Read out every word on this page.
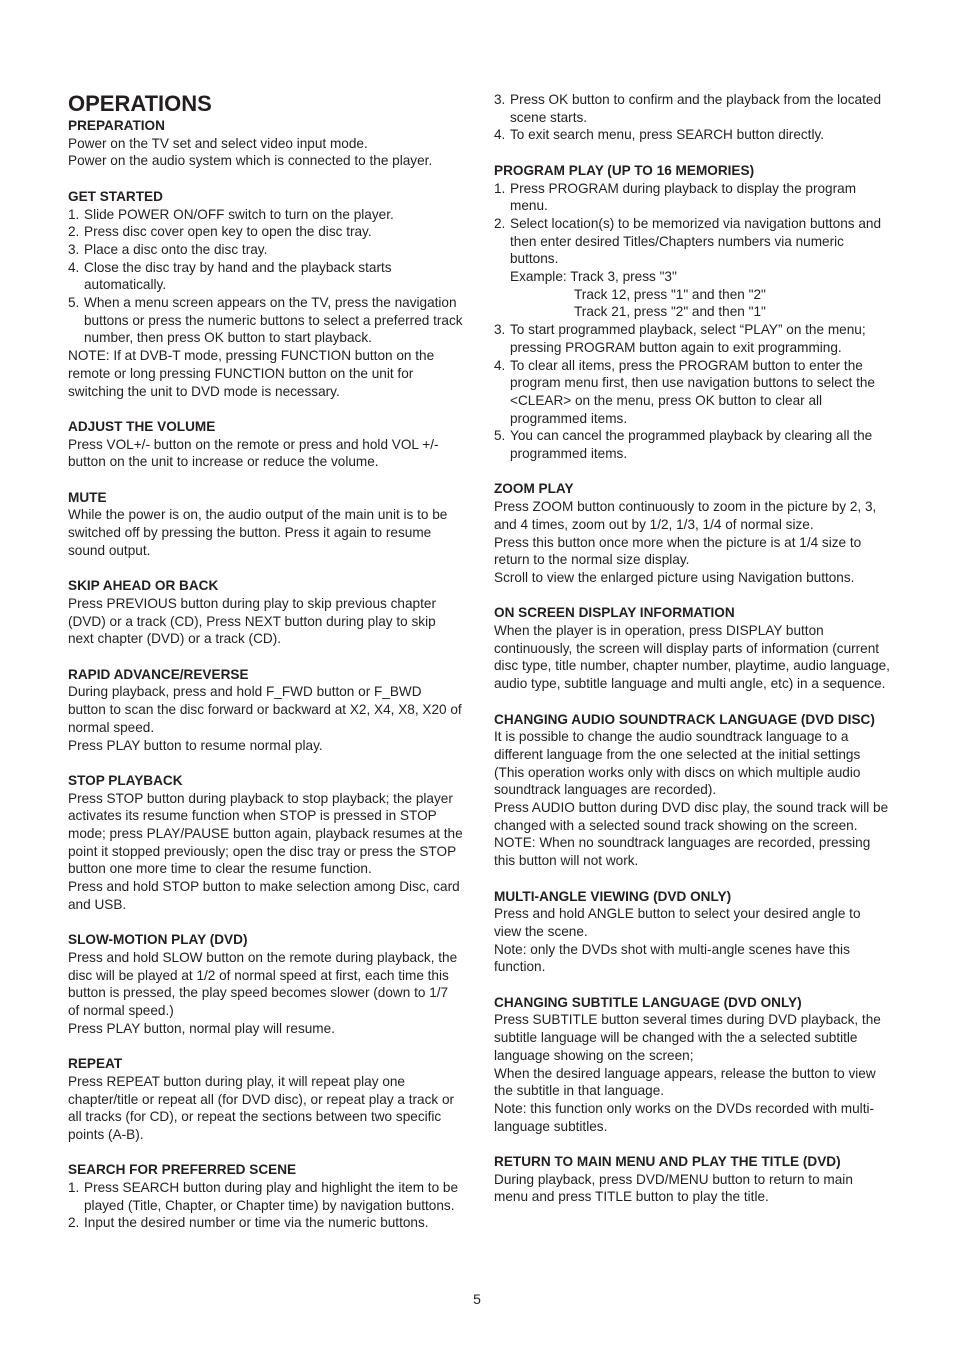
OPERATIONS
PREPARATION

Power on the TV set and select video input mode.

Power on the audio system which is connected to the player.

GET STARTED
1. Slide POWER ON/OFF switch to turn on the player.
2. Press disc cover open key to open the disc tray.
3. Place a disc onto the disc tray.
4. Close the disc tray by hand and the playback starts automatically.
5. When a menu screen appears on the TV, press the navigation buttons or press the numeric buttons to select a preferred track number, then press OK button to start playback.

NOTE: If at DVB-T mode, pressing FUNCTION button on the remote or long pressing FUNCTION button on the unit for switching the unit to DVD mode is necessary.

ADJUST THE VOLUME

Press VOL+/- button on the remote or press and hold VOL +/- button on the unit to increase or reduce the volume.

MUTE

While the power is on, the audio output of the main unit is to be switched off by pressing the button. Press it again to resume sound output.

SKIP AHEAD OR BACK

Press PREVIOUS button during play to skip previous chapter (DVD) or a track (CD), Press NEXT button during play to skip next chapter (DVD) or a track (CD).

RAPID ADVANCE/REVERSE

During playback, press and hold F_FWD button or F_BWD button to scan the disc forward or backward at X2, X4, X8, X20 of normal speed.

Press PLAY button to resume normal play.

STOP PLAYBACK

Press STOP button during playback to stop playback; the player activates its resume function when STOP is pressed in STOP mode; press PLAY/PAUSE button again, playback resumes at the point it stopped previously; open the disc tray or press the STOP button one more time to clear the resume function.

Press and hold STOP button to make selection among Disc, card and USB.

SLOW-MOTION PLAY (DVD)

Press and hold SLOW button on the remote during playback, the disc will be played at 1/2 of normal speed at first, each time this button is pressed, the play speed becomes slower (down to 1/7 of normal speed.)

Press PLAY button, normal play will resume.

REPEAT

Press REPEAT button during play, it will repeat play one chapter/title or repeat all (for DVD disc), or repeat play a track or all tracks (for CD), or repeat the sections between two specific points (A-B).

SEARCH FOR PREFERRED SCENE
1. Press SEARCH button during play and highlight the item to be played (Title, Chapter, or Chapter time) by navigation buttons.
2. Input the desired number or time via the numeric buttons.
3. Press OK button to confirm and the playback from the located scene starts.
4. To exit search menu, press SEARCH button directly.
PROGRAM PLAY (UP TO 16 MEMORIES)
1. Press PROGRAM during playback to display the program menu.
2. Select location(s) to be memorized via navigation buttons and then enter desired Titles/Chapters numbers via numeric buttons.
Example: Track 3, press "3"
Track 12, press "1" and then "2"
Track 21, press "2" and then "1"
3. To start programmed playback, select “PLAY” on the menu; pressing PROGRAM button again to exit programming.
4. To clear all items, press the PROGRAM button to enter the program menu first, then use navigation buttons to select the <CLEAR> on the menu, press OK button to clear all programmed items.
5. You can cancel the programmed playback by clearing all the programmed items.
ZOOM PLAY

Press ZOOM button continuously to zoom in the picture by 2, 3, and 4 times, zoom out by 1/2, 1/3, 1/4 of normal size.

Press this button once more when the picture is at 1/4 size to return to the normal size display.

Scroll to view the enlarged picture using Navigation buttons.

ON SCREEN DISPLAY INFORMATION

When the player is in operation, press DISPLAY button continuously, the screen will display parts of information (current disc type, title number, chapter number, playtime, audio language, audio type, subtitle language and multi angle, etc) in a sequence.

CHANGING AUDIO SOUNDTRACK LANGUAGE (DVD DISC)

It is possible to change the audio soundtrack language to a different language from the one selected at the initial settings (This operation works only with discs on which multiple audio soundtrack languages are recorded).

Press AUDIO button during DVD disc play, the sound track will be changed with a selected sound track showing on the screen.

NOTE: When no soundtrack languages are recorded, pressing this button will not work.

MULTI-ANGLE VIEWING (DVD ONLY)

Press and hold ANGLE button to select your desired angle to view the scene.

Note: only the DVDs shot with multi-angle scenes have this function.

CHANGING SUBTITLE LANGUAGE (DVD ONLY)

Press SUBTITLE button several times during DVD playback, the subtitle language will be changed with the a selected subtitle language showing on the screen;

When the desired language appears, release the button to view the subtitle in that language.

Note: this function only works on the DVDs recorded with multi-language subtitles.

RETURN TO MAIN MENU AND PLAY THE TITLE (DVD)

During playback, press DVD/MENU button to return to main menu and press TITLE button to play the title.

5
